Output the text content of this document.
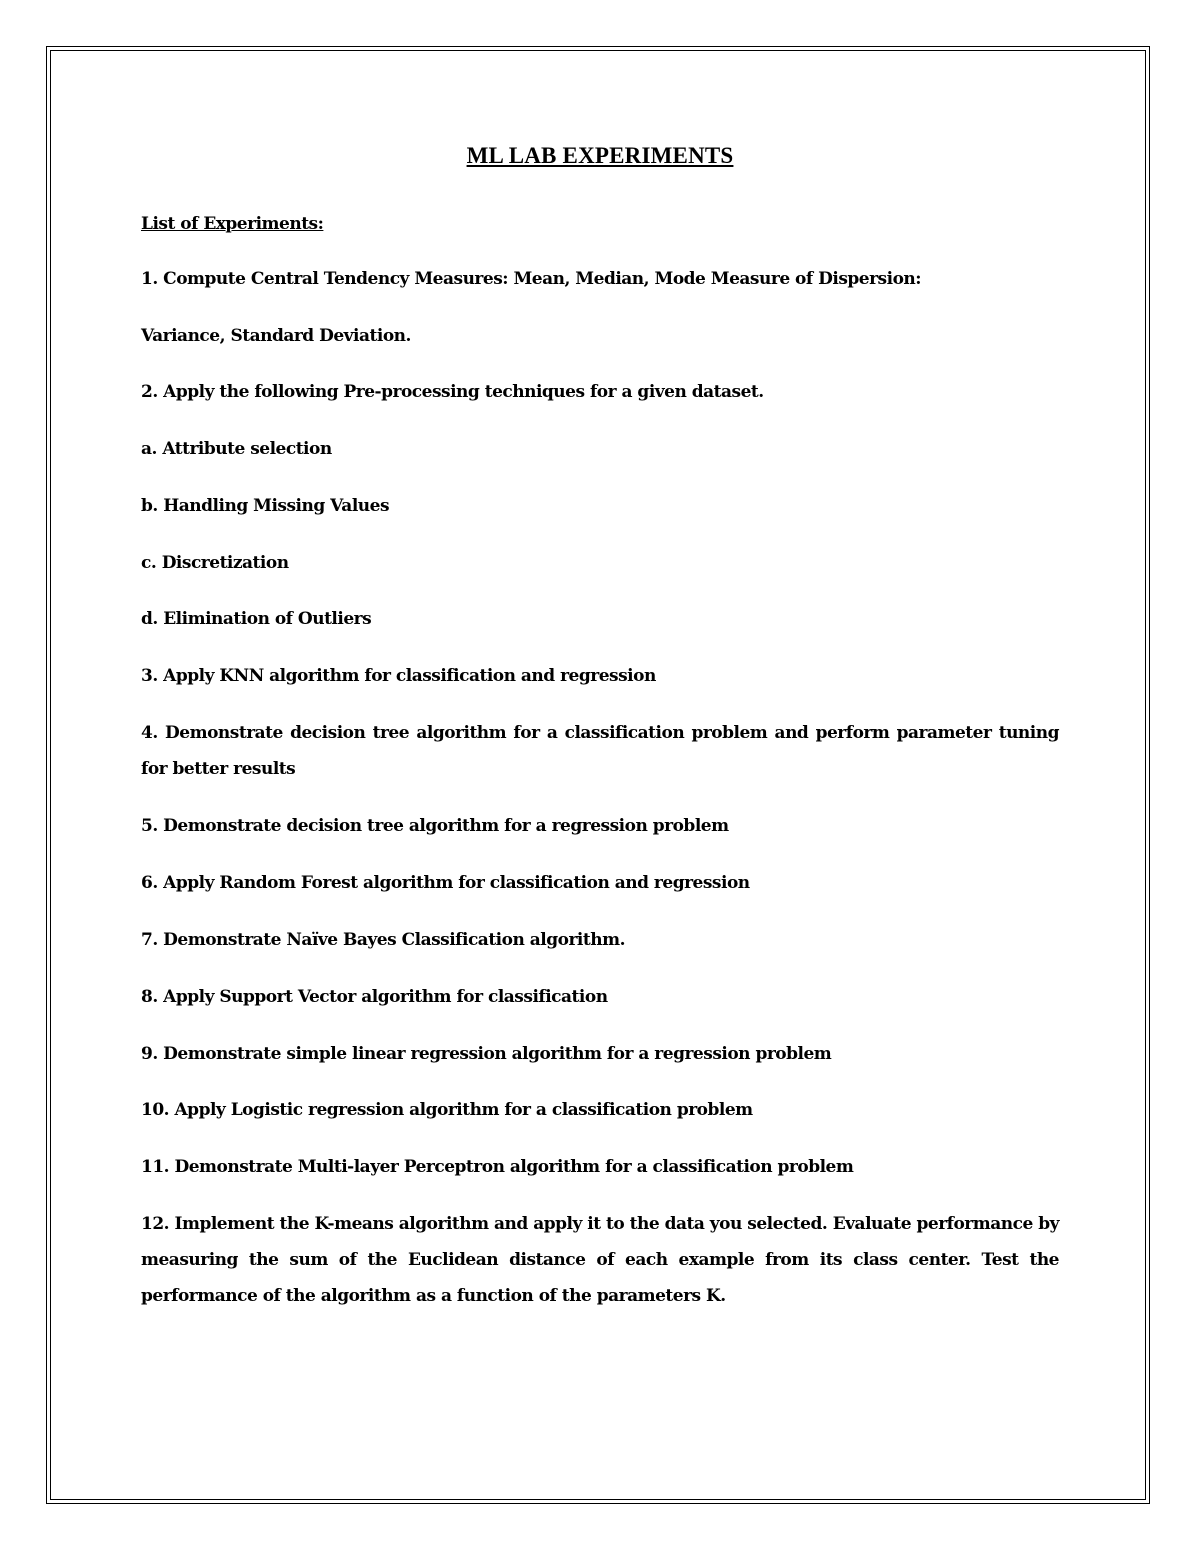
ML LAB EXPERIMENTS
List of Experiments:
1. Compute Central Tendency Measures: Mean, Median, Mode Measure of Dispersion:
Variance, Standard Deviation.
2. Apply the following Pre-processing techniques for a given dataset.
a. Attribute selection
b. Handling Missing Values
c. Discretization
d. Elimination of Outliers
3. Apply KNN algorithm for classification and regression
4. Demonstrate decision tree algorithm for a classification problem and perform parameter tuning for better results
5. Demonstrate decision tree algorithm for a regression problem
6. Apply Random Forest algorithm for classification and regression
7. Demonstrate Naïve Bayes Classification algorithm.
8. Apply Support Vector algorithm for classification
9. Demonstrate simple linear regression algorithm for a regression problem
10. Apply Logistic regression algorithm for a classification problem
11. Demonstrate Multi-layer Perceptron algorithm for a classification problem
12. Implement the K-means algorithm and apply it to the data you selected. Evaluate performance by measuring the sum of the Euclidean distance of each example from its class center. Test the performance of the algorithm as a function of the parameters K.
